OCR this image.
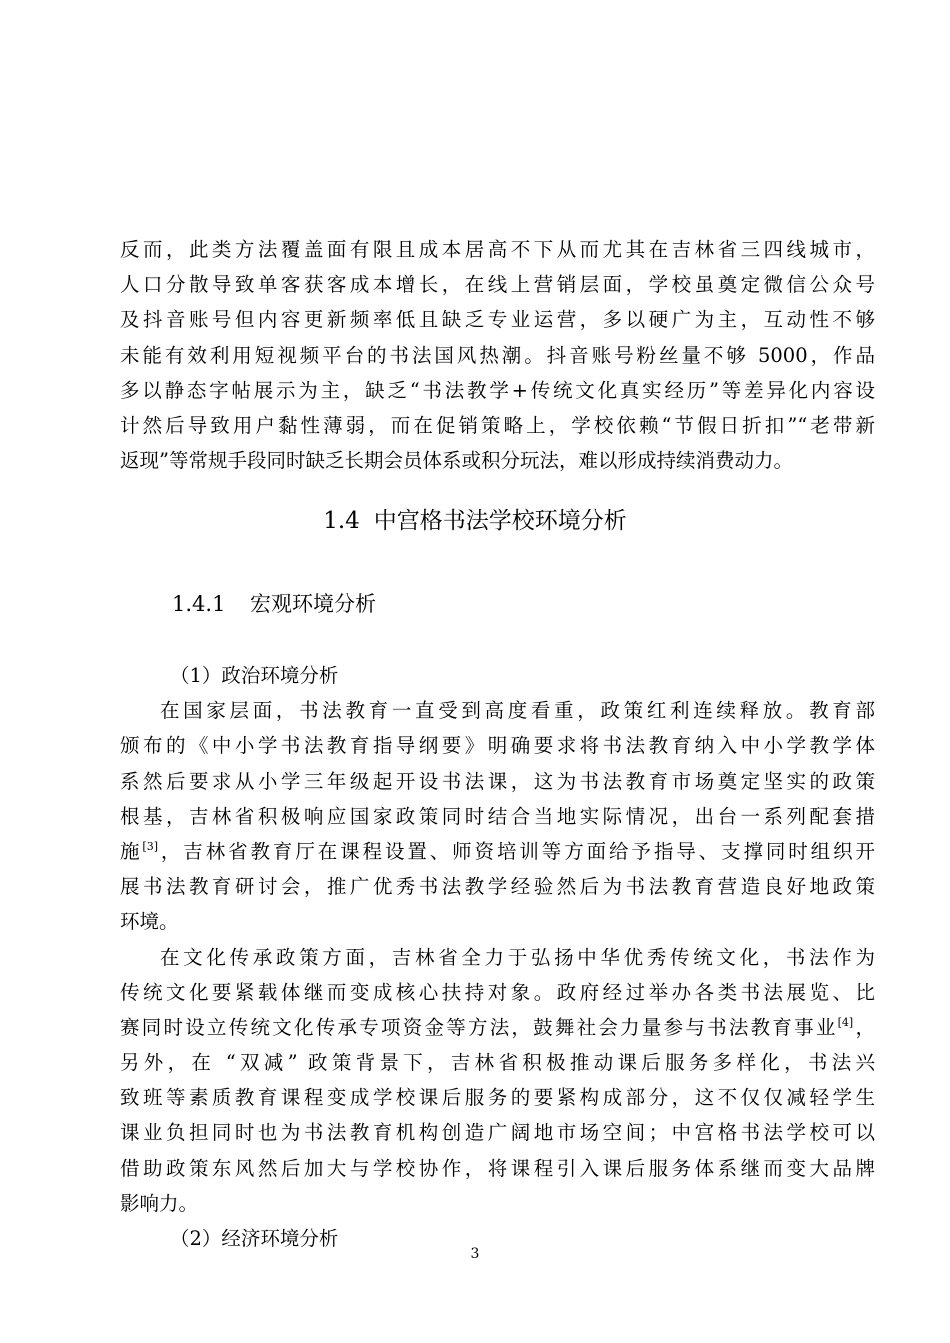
反而，此类方法覆盖面有限且成本居高不下从而尤其在吉林省三四线城市，
人口分散导致单客获客成本增长，在线上营销层面，学校虽奠定微信公众号
及抖音账号但内容更新频率低且缺乏专业运营，多以硬广为主，互动性不够
未能有效利用短视频平台的书法国风热潮。抖音账号粉丝量不够 5000，作品
多以静态字帖展示为主，缺乏“书法教学+传统文化真实经历”等差异化内容设
计然后导致用户黏性薄弱，而在促销策略上，学校依赖“节假日折扣”“老带新
返现”等常规手段同时缺乏长期会员体系或积分玩法，难以形成持续消费动力。
1.4 中宫格书法学校环境分析
1.4.1 宏观环境分析
（1）政治环境分析
在国家层面，书法教育一直受到高度看重，政策红利连续释放。教育部
颁布的《中小学书法教育指导纲要》明确要求将书法教育纳入中小学教学体
系然后要求从小学三年级起开设书法课，这为书法教育市场奠定坚实的政策
根基，吉林省积极响应国家政策同时结合当地实际情况，出台一系列配套措
施[3]，吉林省教育厅在课程设置、师资培训等方面给予指导、支撑同时组织开
展书法教育研讨会，推广优秀书法教学经验然后为书法教育营造良好地政策
环境。
在文化传承政策方面，吉林省全力于弘扬中华优秀传统文化，书法作为
传统文化要紧载体继而变成核心扶持对象。政府经过举办各类书法展览、比
赛同时设立传统文化传承专项资金等方法，鼓舞社会力量参与书法教育事业[4]，
另外，在 “双减” 政策背景下，吉林省积极推动课后服务多样化，书法兴
致班等素质教育课程变成学校课后服务的要紧构成部分，这不仅仅减轻学生
课业负担同时也为书法教育机构创造广阔地市场空间；中宫格书法学校可以
借助政策东风然后加大与学校协作，将课程引入课后服务体系继而变大品牌
影响力。
（2）经济环境分析
3
